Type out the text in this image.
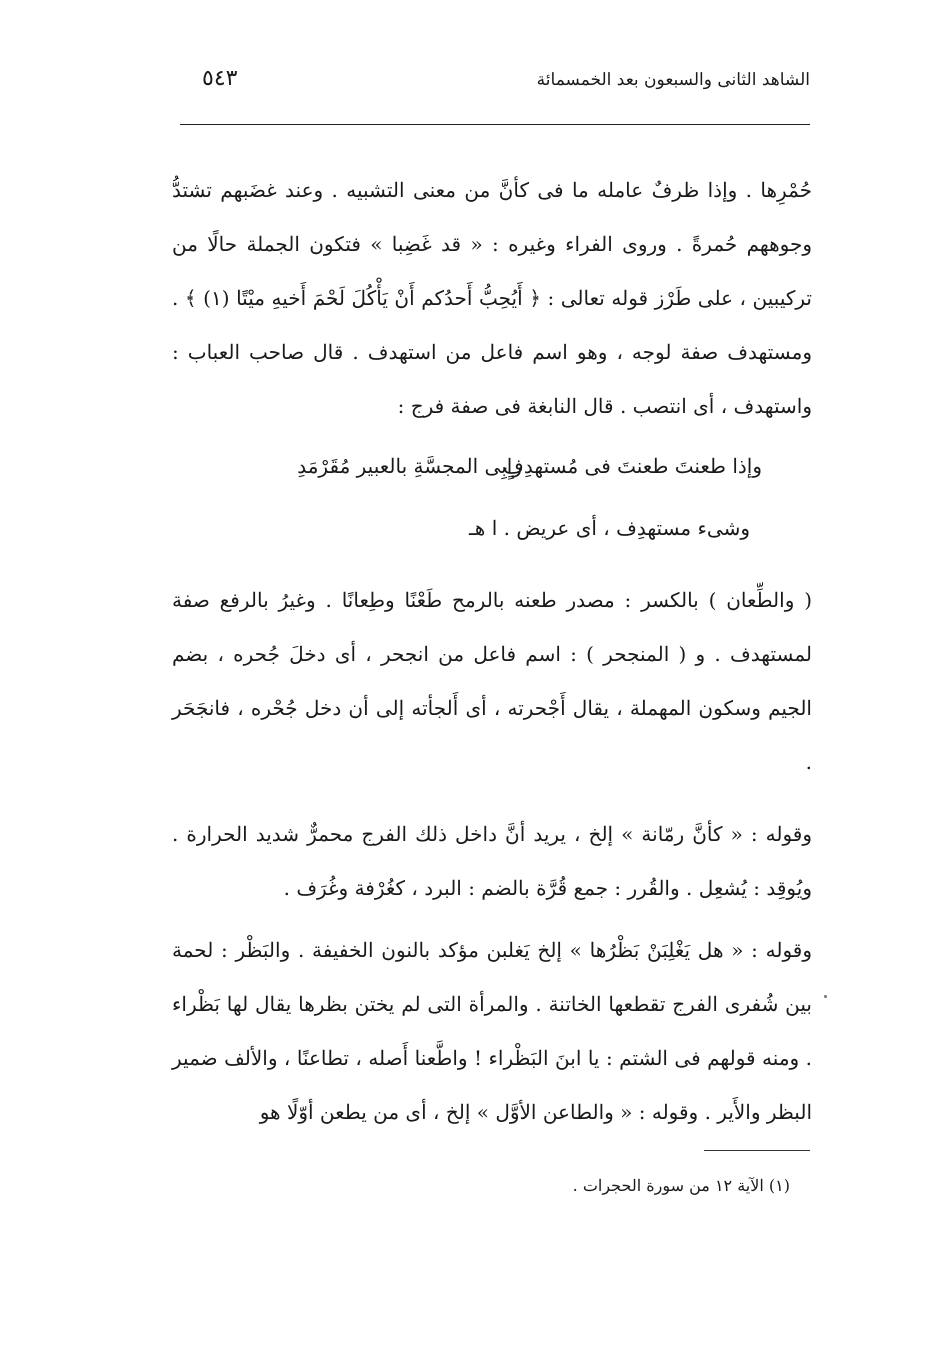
الشاهد الثانى والسبعون بعد الخمسمائة
٥٤٣

حُمْرِها . وإذا ظرفٌ عامله ما فى كأنَّ من معنى التشبيه . وعند غضَبهم تشتدُّ وجوههم حُمرةً . وروى الفراء وغيره : « قد غَضِبا » فتكون الجملة حالًا من تركيبين ، على طَرْز قوله تعالى : ﴿ أَيُحِبُّ أَحدُكم أَنْ يَأْكُلَ لَحْمَ أَخيهِ ميْتًا (١) ﴾ . ومستهدف صفة لوجه ، وهو اسم فاعل من استهدف . قال صاحب العباب : واستهدف ، أى انتصب . قال النابغة فى صفة فرج :

وإذا طعنتَ طعنتَ فى مُستهدِفٍ
رابِى المجسَّةِ بالعبير مُقَرْمَدِ

وشىء مستهدِف ، أى عريض . ا هـ

( والطِّعان ) بالكسر : مصدر طعنه بالرمح طَعْنًا وطِعانًا . وغيرُ بالرفع صفة لمستهدف . و ( المنجحر ) : اسم فاعل من انجحر ، أى دخلَ جُحره ، بضم الجيم وسكون المهملة ، يقال أَجْحرته ، أى أَلجأته إلى أن دخل جُحْره ، فانجَحَر .

وقوله : « كأنَّ رمّانة » إلخ ، يريد أنَّ داخل ذلك الفرج محمرٌّ شديد الحرارة . ويُوقِد : يُشعِل . والقُرر : جمع قُرَّة بالضم : البرد ، كغُرْفة وغُرَف .

وقوله : « هل يَغْلِبَنْ بَظْرُها » إلخ يَغلبن مؤكد بالنون الخفيفة . والبَظْر : لحمة بين شُفرى الفرج تقطعها الخاتنة . والمرأة التى لم يختن بظرها يقال لها بَظْراء . ومنه قولهم فى الشتم : يا ابنَ البَظْراء ! واطَّعنا أَصله ، تطاعنًا ، والألف ضمير البظر والأَير . وقوله : « والطاعن الأوَّل » إلخ ، أى من يطعن أوّلًا هو

(١) الآية ١٢ من سورة الحجرات .
